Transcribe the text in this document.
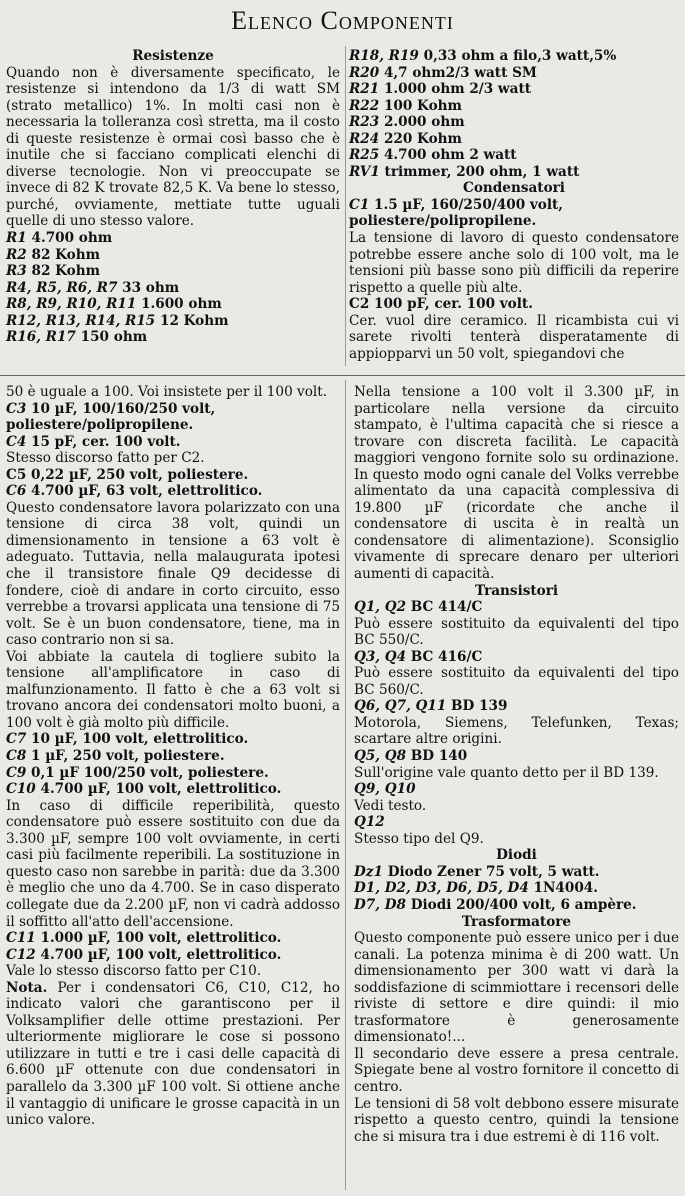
Elenco Componenti

Resistenze

Quando non è diversamente specificato, le resistenze si intendono da 1/3 di watt SM (strato metallico) 1%. In molti casi non è necessaria la tolleranza così stretta, ma il costo di queste resistenze è ormai così basso che è inutile che si facciano complicati elenchi di diverse tecnologie. Non vi preoccupate se invece di 82 K trovate 82,5 K. Va bene lo stesso, purché, ovviamente, mettiate tutte uguali quelle di uno stesso valore.

R1 4.700 ohm

R2 82 Kohm

R3 82 Kohm

R4, R5, R6, R7 33 ohm

R8, R9, R10, R11 1.600 ohm

R12, R13, R14, R15 12 Kohm

R16, R17 150 ohm

R18, R19 0,33 ohm a filo,3 watt,5%

R20 4,7 ohm2/3 watt SM

R21 1.000 ohm 2/3 watt

R22 100 Kohm

R23 2.000 ohm

R24 220 Kohm

R25 4.700 ohm 2 watt

RV1 trimmer, 200 ohm, 1 watt

Condensatori

C1 1.5 µF, 160/250/400 volt, poliestere/polipropilene.

La tensione di lavoro di questo condensatore potrebbe essere anche solo di 100 volt, ma le tensioni più basse sono più difficili da reperire rispetto a quelle più alte.

C2 100 pF, cer. 100 volt.

Cer. vuol dire ceramico. Il ricambista cui vi sarete rivolti tenterà disperatamente di appiopparvi un 50 volt, spiegandovi che

50 è uguale a 100. Voi insistete per il 100 volt.

C3 10 µF, 100/160/250 volt, poliestere/polipropilene.

C4 15 pF, cer. 100 volt.

Stesso discorso fatto per C2.

C5 0,22 µF, 250 volt, poliestere.

C6 4.700 µF, 63 volt, elettrolitico.

Questo condensatore lavora polarizzato con una tensione di circa 38 volt, quindi un dimensionamento in tensione a 63 volt è adeguato. Tuttavia, nella malaugurata ipotesi che il transistore finale Q9 decidesse di fondere, cioè di andare in corto circuito, esso verrebbe a trovarsi applicata una tensione di 75 volt. Se è un buon condensatore, tiene, ma in caso contrario non si sa.

Voi abbiate la cautela di togliere subito la tensione all'amplificatore in caso di malfunzionamento. Il fatto è che a 63 volt si trovano ancora dei condensatori molto buoni, a 100 volt è già molto più difficile.

C7 10 µF, 100 volt, elettrolitico.

C8 1 µF, 250 volt, poliestere.

C9 0,1 µF 100/250 volt, poliestere.

C10 4.700 µF, 100 volt, elettrolitico.

In caso di difficile reperibilità, questo condensatore può essere sostituito con due da 3.300 µF, sempre 100 volt ovviamente, in certi casi più facilmente reperibili. La sostituzione in questo caso non sarebbe in parità: due da 3.300 è meglio che uno da 4.700. Se in caso disperato collegate due da 2.200 µF, non vi cadrà addosso il soffitto all'atto dell'accensione.

C11 1.000 µF, 100 volt, elettrolitico.

C12 4.700 µF, 100 volt, elettrolitico.

Vale lo stesso discorso fatto per C10.

Nota. Per i condensatori C6, C10, C12, ho indicato valori che garantiscono per il Volksamplifier delle ottime prestazioni. Per ulteriormente migliorare le cose si possono utilizzare in tutti e tre i casi delle capacità di 6.600 µF ottenute con due condensatori in parallelo da 3.300 µF 100 volt. Si ottiene anche il vantaggio di unificare le grosse capacità in un unico valore.

Nella tensione a 100 volt il 3.300 µF, in particolare nella versione da circuito stampato, è l'ultima capacità che si riesce a trovare con discreta facilità. Le capacità maggiori vengono fornite solo su ordinazione. In questo modo ogni canale del Volks verrebbe alimentato da una capacità complessiva di 19.800 µF (ricordate che anche il condensatore di uscita è in realtà un condensatore di alimentazione). Sconsiglio vivamente di sprecare denaro per ulteriori aumenti di capacità.

Transistori

Q1, Q2 BC 414/C

Può essere sostituito da equivalenti del tipo BC 550/C.

Q3, Q4 BC 416/C

Può essere sostituito da equivalenti del tipo BC 560/C.

Q6, Q7, Q11 BD 139

Motorola, Siemens, Telefunken, Texas; scartare altre origini.

Q5, Q8 BD 140

Sull'origine vale quanto detto per il BD 139.

Q9, Q10

Vedi testo.

Q12

Stesso tipo del Q9.

Diodi

Dz1 Diodo Zener 75 volt, 5 watt.

D1, D2, D3, D6, D5, D4 1N4004.

D7, D8 Diodi 200/400 volt, 6 ampère.

Trasformatore

Questo componente può essere unico per i due canali. La potenza minima è di 200 watt. Un dimensionamento per 300 watt vi darà la soddisfazione di scimmiottare i recensori delle riviste di settore e dire quindi: il mio trasformatore è generosamente dimensionato!...

Il secondario deve essere a presa centrale. Spiegate bene al vostro fornitore il concetto di centro.

Le tensioni di 58 volt debbono essere misurate rispetto a questo centro, quindi la tensione che si misura tra i due estremi è di 116 volt.
